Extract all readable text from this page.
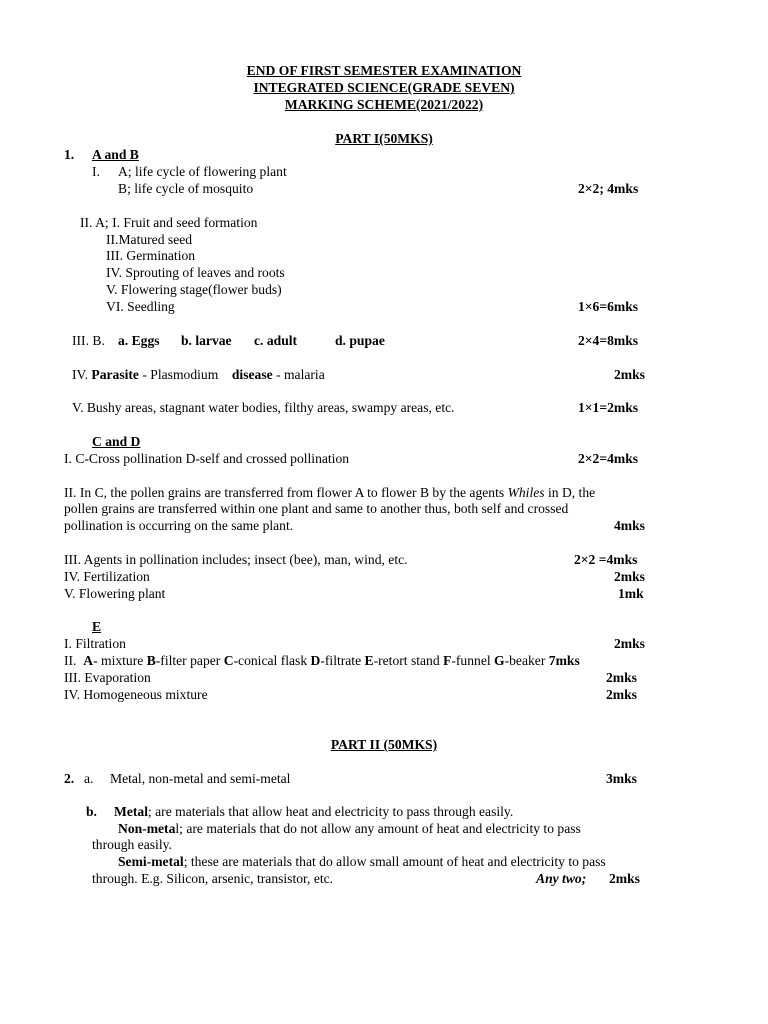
END OF FIRST SEMESTER EXAMINATION
INTEGRATED SCIENCE(GRADE SEVEN)
MARKING SCHEME(2021/2022)
PART I(50MKS)
1. A and B
I. A; life cycle of flowering plant
B; life cycle of mosquito	2×2; 4mks
II. A; I. Fruit and seed formation
II.Matured seed
III. Germination
IV. Sprouting of leaves and roots
V. Flowering stage(flower buds)
VI. Seedling	1×6=6mks
III. B. a. Eggs b. larvae c. adult	d. pupae	2×4=8mks
IV. Parasite - Plasmodium disease - malaria	2mks
V. Bushy areas, stagnant water bodies, filthy areas, swampy areas, etc.	1×1=2mks
C and D
I. C-Cross pollination D-self and crossed pollination	2×2=4mks
II. In C, the pollen grains are transferred from flower A to flower B by the agents Whiles in D, the
pollen grains are transferred within one plant and same to another thus, both self and crossed
pollination is occurring on the same plant.	4mks
III. Agents in pollination includes; insect (bee), man, wind, etc.	2×2 =4mks
IV. Fertilization	2mks
V. Flowering plant	1mk
E
I. Filtration	2mks
II. A- mixture B-filter paper C-conical flask D-filtrate E-retort stand F-funnel G-beaker 7mks
III. Evaporation	2mks
IV. Homogeneous mixture	2mks
PART II (50MKS)
2. a. Metal, non-metal and semi-metal	3mks
b. Metal; are materials that allow heat and electricity to pass through easily.
Non-metal; are materials that do not allow any amount of heat and electricity to pass
through easily.
Semi-metal; these are materials that do allow small amount of heat and electricity to pass
through. E.g. Silicon, arsenic, transistor, etc.	Any two; 2mks
